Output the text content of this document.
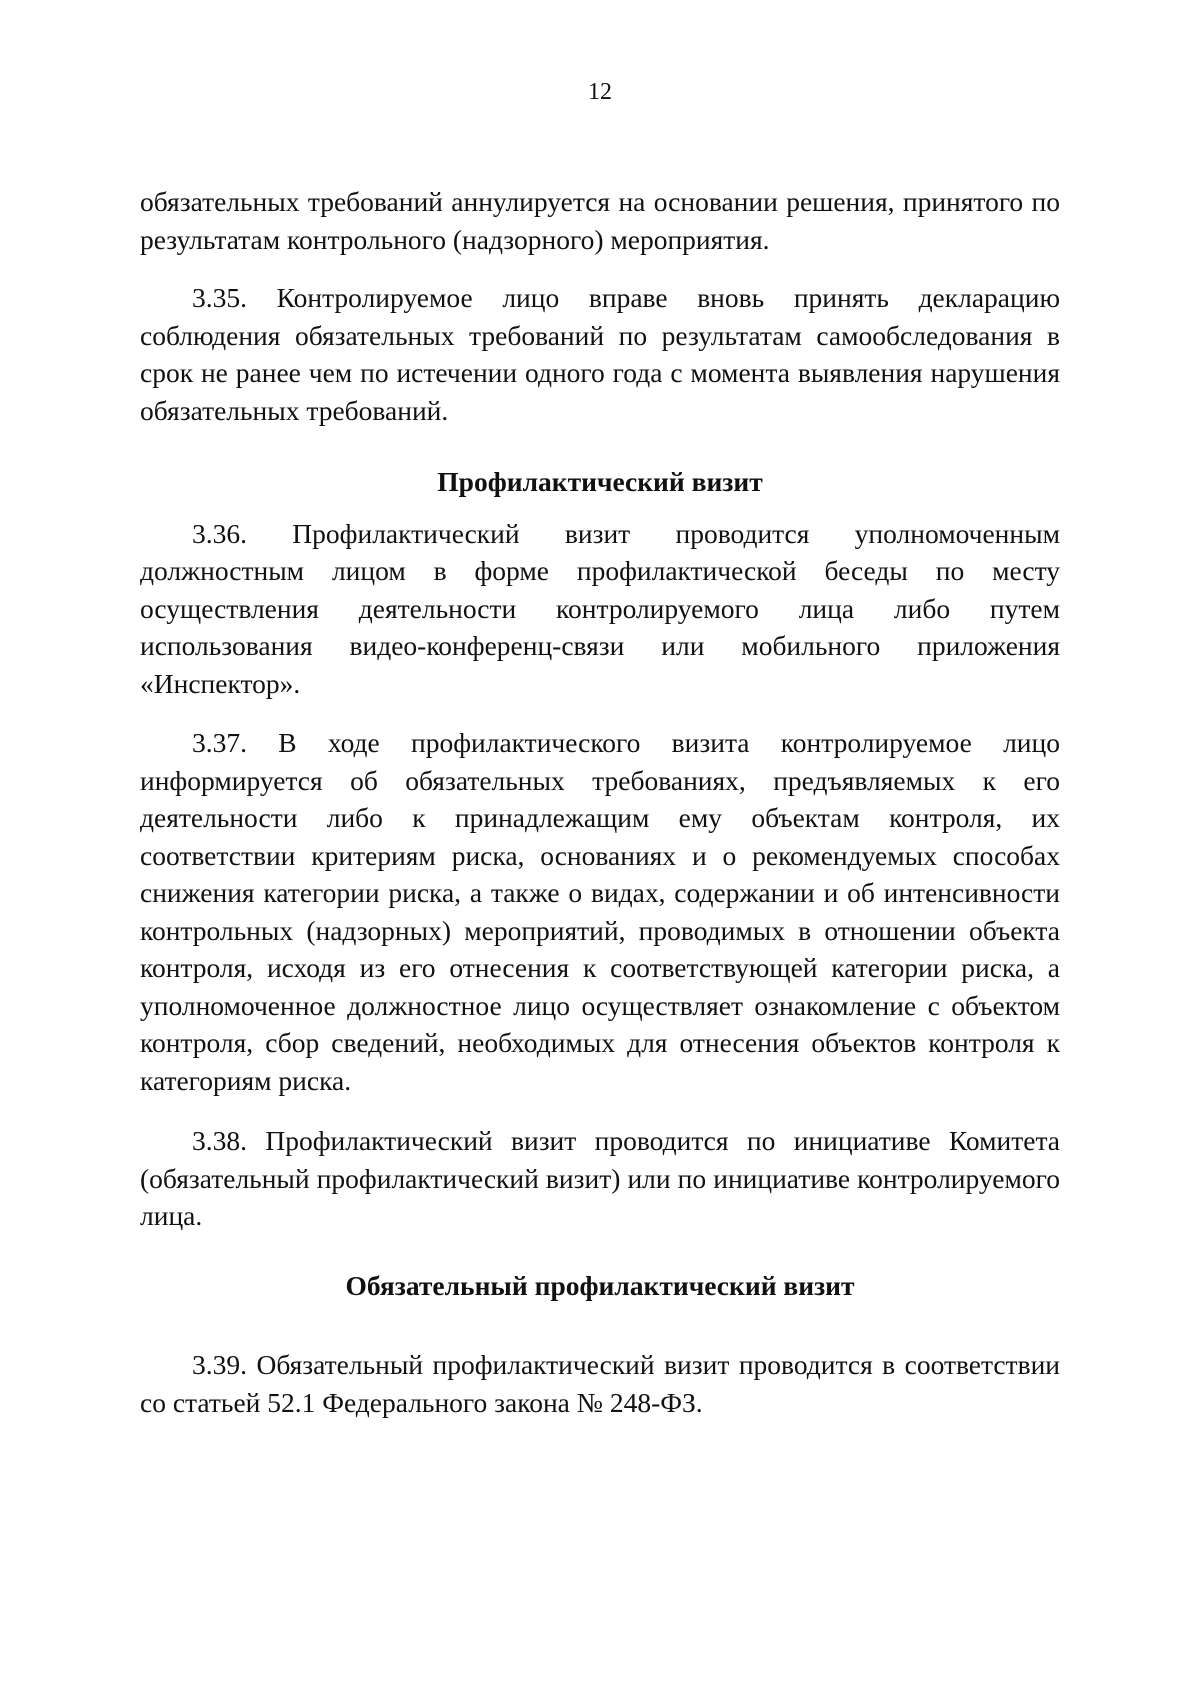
12

обязательных требований аннулируется на основании решения, принятого по результатам контрольного (надзорного) мероприятия.

3.35. Контролируемое лицо вправе вновь принять декларацию соблюдения обязательных требований по результатам самообследования в срок не ранее чем по истечении одного года с момента выявления нарушения обязательных требований.

Профилактический визит

3.36. Профилактический визит проводится уполномоченным должностным лицом в форме профилактической беседы по месту осуществления деятельности контролируемого лица либо путем использования видео-конференц-связи или мобильного приложения «Инспектор».

3.37. В ходе профилактического визита контролируемое лицо информируется об обязательных требованиях, предъявляемых к его деятельности либо к принадлежащим ему объектам контроля, их соответствии критериям риска, основаниях и о рекомендуемых способах снижения категории риска, а также о видах, содержании и об интенсивности контрольных (надзорных) мероприятий, проводимых в отношении объекта контроля, исходя из его отнесения к соответствующей категории риска, а уполномоченное должностное лицо осуществляет ознакомление с объектом контроля, сбор сведений, необходимых для отнесения объектов контроля к категориям риска.

3.38. Профилактический визит проводится по инициативе Комитета (обязательный профилактический визит) или по инициативе контролируемого лица.

Обязательный профилактический визит

3.39. Обязательный профилактический визит проводится в соответствии со статьей 52.1 Федерального закона № 248-ФЗ.
